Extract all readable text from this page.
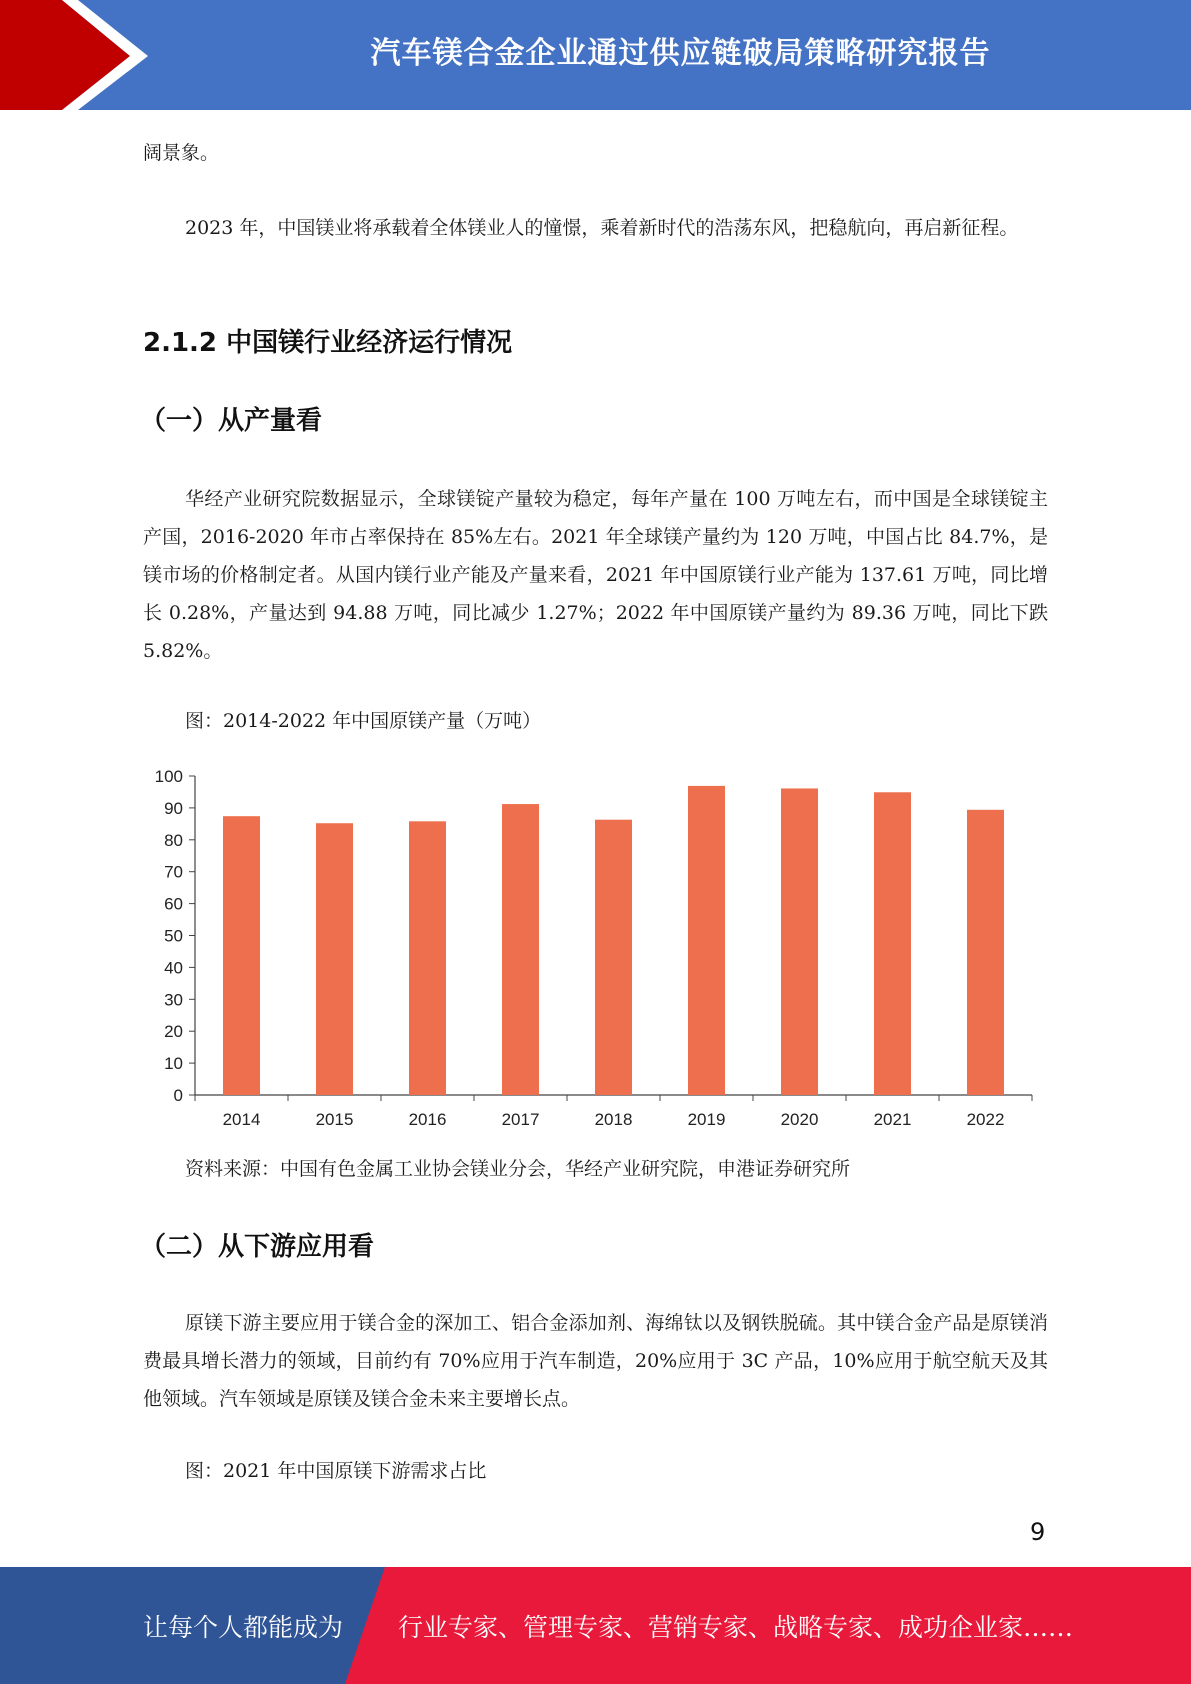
汽车镁合金企业通过供应链破局策略研究报告

阔景象。

2023 年，中国镁业将承载着全体镁业人的憧憬，乘着新时代的浩荡东风，把稳航向，再启新征程。

2.1.2 中国镁行业经济运行情况
（一）从产量看

华经产业研究院数据显示，全球镁锭产量较为稳定，每年产量在 100 万吨左右，而中国是全球镁锭主产国，2016-2020 年市占率保持在 85%左右。2021 年全球镁产量约为 120 万吨，中国占比 84.7%，是镁市场的价格制定者。从国内镁行业产能及产量来看，2021 年中国原镁行业产能为 137.61 万吨，同比增长 0.28%，产量达到 94.88 万吨，同比减少 1.27%；2022 年中国原镁产量约为 89.36 万吨，同比下跌 5.82%。

图：2014-2022 年中国原镁产量（万吨）

0
10
20
30
40
50
60
70
80
90
100
2014	2015	2016	2017	2018	2019	2020	2021	2022

资料来源：中国有色金属工业协会镁业分会，华经产业研究院，申港证券研究所

（二）从下游应用看

原镁下游主要应用于镁合金的深加工、铝合金添加剂、海绵钛以及钢铁脱硫。其中镁合金产品是原镁消费最具增长潜力的领域，目前约有 70%应用于汽车制造，20%应用于 3C 产品，10%应用于航空航天及其他领域。汽车领域是原镁及镁合金未来主要增长点。

图：2021 年中国原镁下游需求占比

9
让每个人都能成为 行业专家、管理专家、营销专家、战略专家、成功企业家……
